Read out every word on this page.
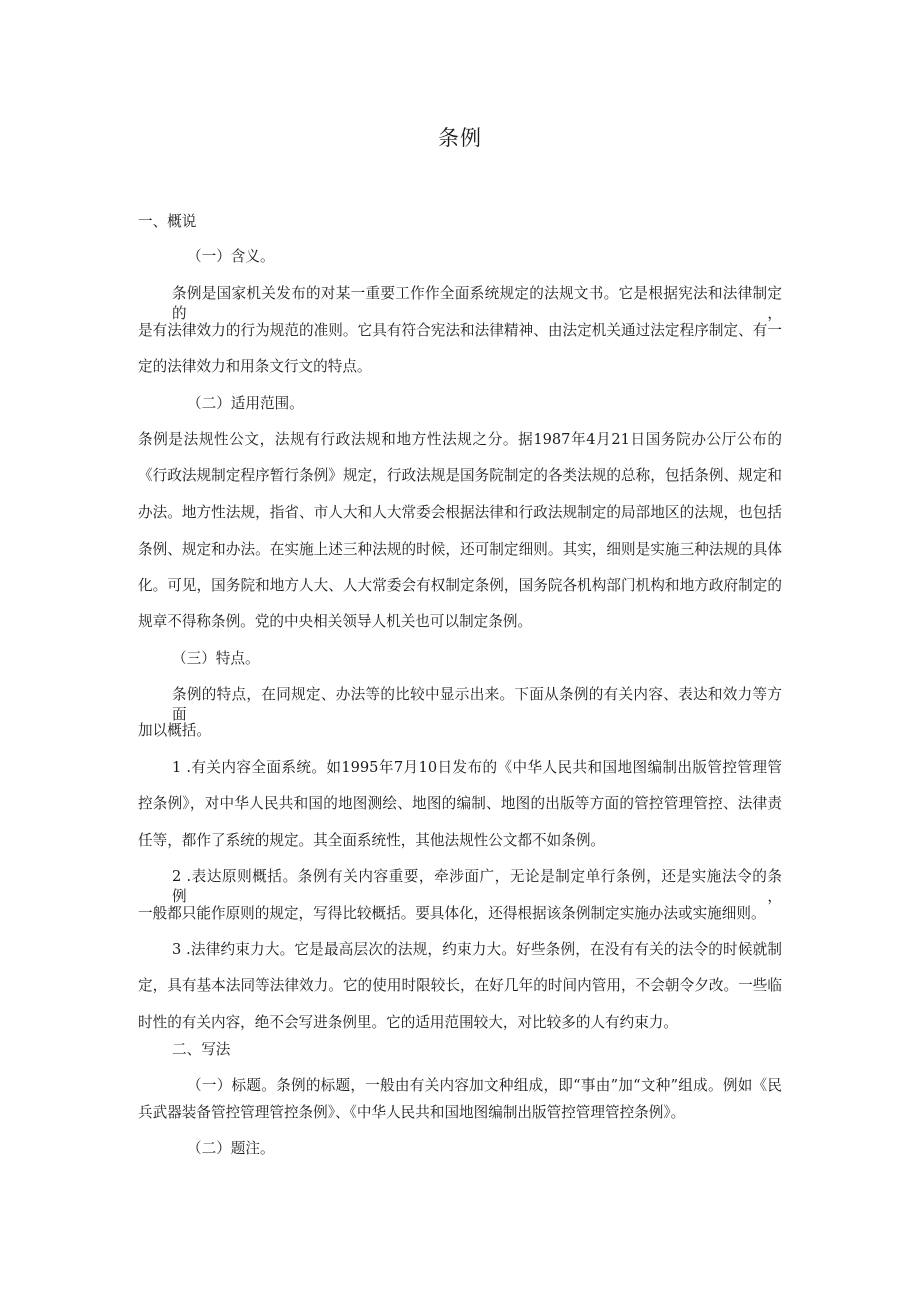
条例
一、概说
（一）含义。
条例是国家机关发布的对某一重要工作作全面系统规定的法规文书。它是根据宪法和法律制定的，
是有法律效力的行为规范的准则。它具有符合宪法和法律精神、由法定机关通过法定程序制定、有一
定的法律效力和用条文行文的特点。
（二）适用范围。
条例是法规性公文，法规有行政法规和地方性法规之分。据1987年4月21日国务院办公厅公布的
《行政法规制定程序暂行条例》规定，行政法规是国务院制定的各类法规的总称，包括条例、规定和
办法。地方性法规，指省、市人大和人大常委会根据法律和行政法规制定的局部地区的法规，也包括
条例、规定和办法。在实施上述三种法规的时候，还可制定细则。其实，细则是实施三种法规的具体
化。可见，国务院和地方人大、人大常委会有权制定条例，国务院各机构部门机构和地方政府制定的
规章不得称条例。党的中央相关领导人机关也可以制定条例。
（三）特点。
条例的特点，在同规定、办法等的比较中显示出来。下面从条例的有关内容、表达和效力等方面
加以概括。
1 .有关内容全面系统。如1995年7月10日发布的《中华人民共和国地图编制出版管控管理管
控条例》，对中华人民共和国的地图测绘、地图的编制、地图的出版等方面的管控管理管控、法律责
任等，都作了系统的规定。其全面系统性，其他法规性公文都不如条例。
2 .表达原则概括。条例有关内容重要，牵涉面广，无论是制定单行条例，还是实施法令的条例，
一般都只能作原则的规定，写得比较概括。要具体化，还得根据该条例制定实施办法或实施细则。
3 .法律约束力大。它是最高层次的法规，约束力大。好些条例，在没有有关的法令的时候就制
定，具有基本法同等法律效力。它的使用时限较长，在好几年的时间内管用，不会朝令夕改。一些临
时性的有关内容，绝不会写进条例里。它的适用范围较大，对比较多的人有约束力。
二、写法
（一）标题。条例的标题，一般由有关内容加文种组成，即“事由”加“文种”组成。例如《民
兵武器装备管控管理管控条例》、《中华人民共和国地图编制出版管控管理管控条例》。
（二）题注。
